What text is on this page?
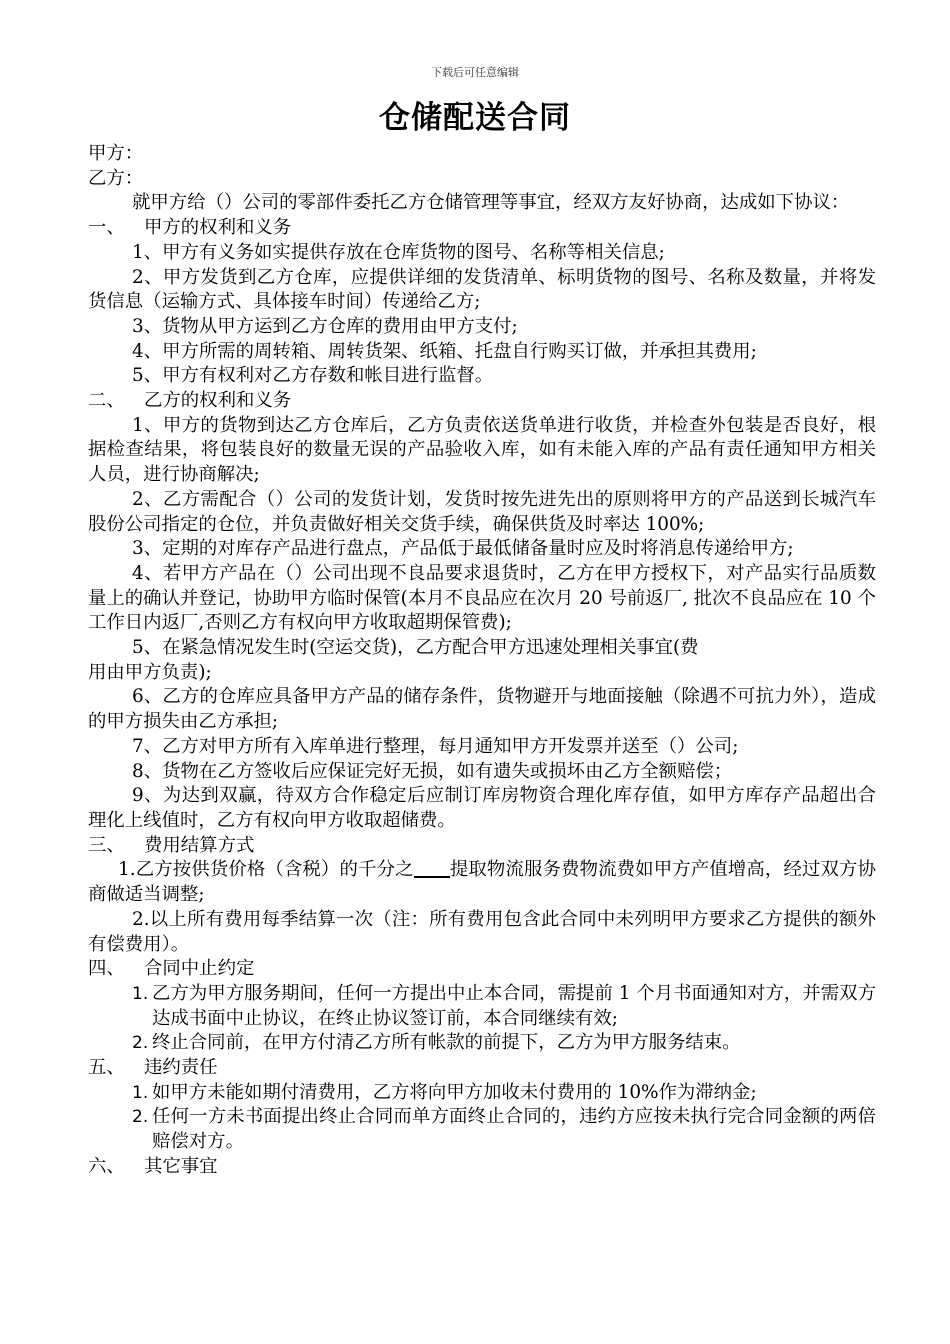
下载后可任意编辑
仓储配送合同
甲方：
乙方：
就甲方给（）公司的零部件委托乙方仓储管理等事宜，经双方友好协商，达成如下协议：
一、 甲方的权利和义务
1、甲方有义务如实提供存放在仓库货物的图号、名称等相关信息;
2、甲方发货到乙方仓库，应提供详细的发货清单、标明货物的图号、名称及数量，并将发货信息（运输方式、具体接车时间）传递给乙方;
3、货物从甲方运到乙方仓库的费用由甲方支付;
4、甲方所需的周转箱、周转货架、纸箱、托盘自行购买订做，并承担其费用;
5、甲方有权利对乙方存数和帐目进行监督。
二、 乙方的权利和义务
1、甲方的货物到达乙方仓库后，乙方负责依送货单进行收货，并检查外包装是否良好，根据检查结果，将包装良好的数量无误的产品验收入库，如有未能入库的产品有责任通知甲方相关人员，进行协商解决;
2、乙方需配合（）公司的发货计划，发货时按先进先出的原则将甲方的产品送到长城汽车股份公司指定的仓位，并负责做好相关交货手续，确保供货及时率达 100%;
3、定期的对库存产品进行盘点，产品低于最低储备量时应及时将消息传递给甲方;
4、若甲方产品在（）公司出现不良品要求退货时，乙方在甲方授权下，对产品实行品质数量上的确认并登记，协助甲方临时保管(本月不良品应在次月 20 号前返厂, 批次不良品应在 10 个工作日内返厂,否则乙方有权向甲方收取超期保管费);
5、在紧急情况发生时(空运交货)，乙方配合甲方迅速处理相关事宜(费
用由甲方负责);
6、乙方的仓库应具备甲方产品的储存条件，货物避开与地面接触（除遇不可抗力外），造成的甲方损失由乙方承担;
7、乙方对甲方所有入库单进行整理，每月通知甲方开发票并送至（）公司;
8、货物在乙方签收后应保证完好无损，如有遗失或损坏由乙方全额赔偿；
9、为达到双赢，待双方合作稳定后应制订库房物资合理化库存值，如甲方库存产品超出合理化上线值时，乙方有权向甲方收取超储费。
三、 费用结算方式
1.乙方按供货价格（含税）的千分之 提取物流服务费物流费如甲方产值增高，经过双方协商做适当调整;
2.以上所有费用每季结算一次（注：所有费用包含此合同中未列明甲方要求乙方提供的额外有偿费用）。
四、 合同中止约定
1. 乙方为甲方服务期间，任何一方提出中止本合同，需提前 1 个月书面通知对方，并需双方达成书面中止协议，在终止协议签订前，本合同继续有效;
2. 终止合同前，在甲方付清乙方所有帐款的前提下，乙方为甲方服务结束。
五、 违约责任
1. 如甲方未能如期付清费用，乙方将向甲方加收未付费用的 10%作为滞纳金;
2. 任何一方未书面提出终止合同而单方面终止合同的，违约方应按未执行完合同金额的两倍赔偿对方。
六、 其它事宜
